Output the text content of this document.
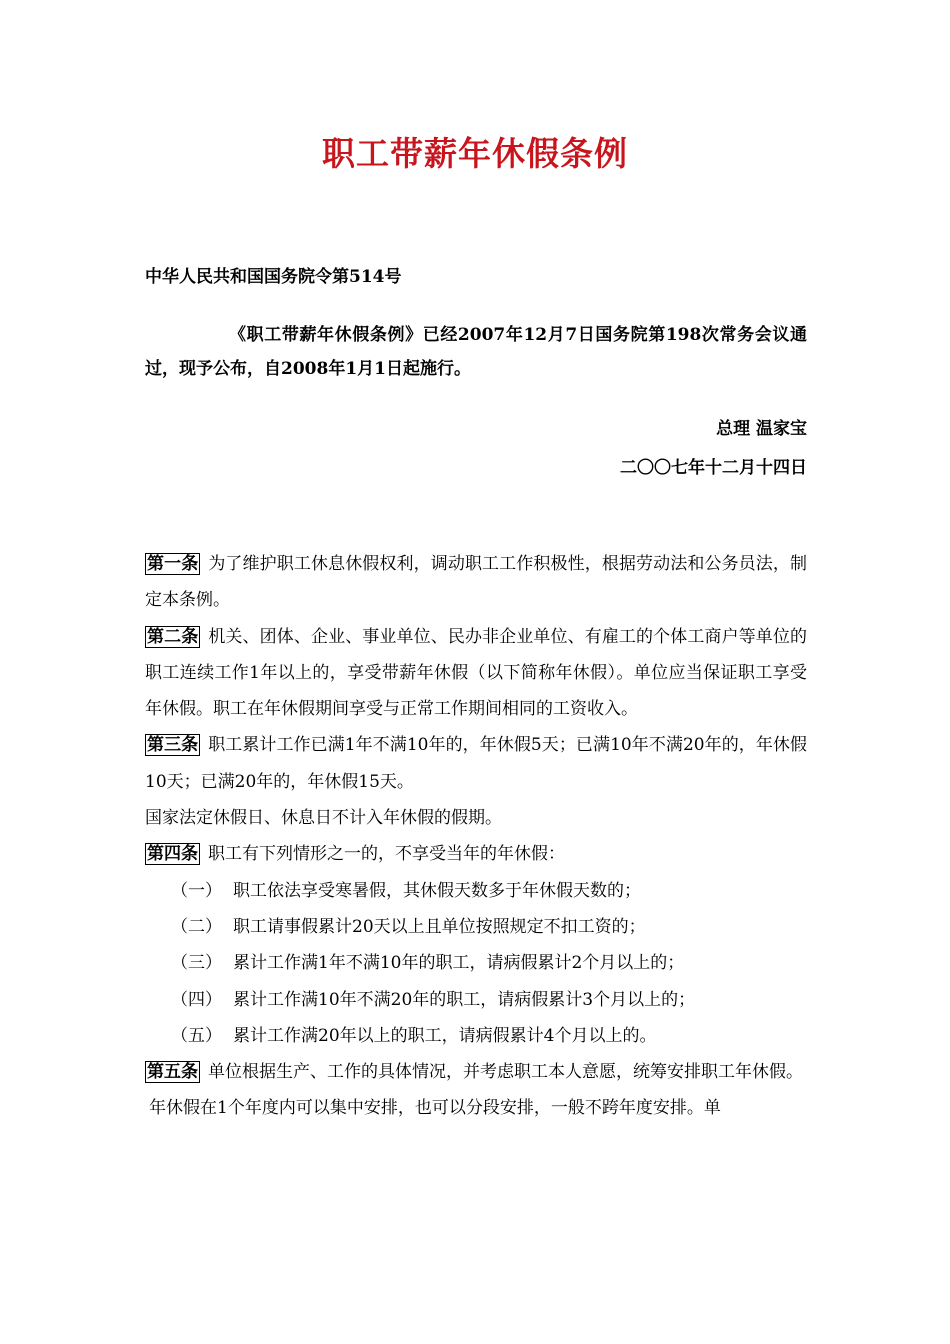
职工带薪年休假条例

中华人民共和国国务院令第514号

《职工带薪年休假条例》已经2007年12月7日国务院第198次常务会议通过，现予公布，自2008年1月1日起施行。

总理 温家宝

二〇〇七年十二月十四日

第一条 为了维护职工休息休假权利，调动职工工作积极性，根据劳动法和公务员法，制定本条例。

第二条 机关、团体、企业、事业单位、民办非企业单位、有雇工的个体工商户等单位的职工连续工作1年以上的，享受带薪年休假（以下简称年休假）。单位应当保证职工享受年休假。职工在年休假期间享受与正常工作期间相同的工资收入。

第三条 职工累计工作已满1年不满10年的，年休假5天；已满10年不满20年的，年休假10天；已满20年的，年休假15天。

国家法定休假日、休息日不计入年休假的假期。

第四条 职工有下列情形之一的，不享受当年的年休假：

（一） 职工依法享受寒暑假，其休假天数多于年休假天数的；

（二） 职工请事假累计20天以上且单位按照规定不扣工资的；

（三） 累计工作满1年不满10年的职工，请病假累计2个月以上的；

（四） 累计工作满10年不满20年的职工，请病假累计3个月以上的；

（五） 累计工作满20年以上的职工，请病假累计4个月以上的。

第五条 单位根据生产、工作的具体情况，并考虑职工本人意愿，统筹安排职工年休假。

年休假在1个年度内可以集中安排，也可以分段安排，一般不跨年度安排。单
